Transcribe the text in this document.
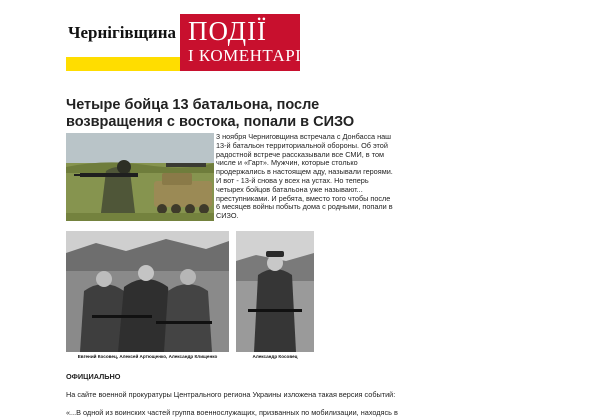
Чернігівщина ПОДІЇ
І КОМЕНТАРІ
Четыре бойца 13 батальона, после возвращения с востока, попали в СИЗО

3 ноября Черниговщина встречала с Донбасса наш 13-й батальон территориальной обороны. Об этой радостной встрече рассказывали все СМИ, в том числе и «Гарт». Мужчин, которые столько продержались в настоящем аду, называли героями. И вот - 13-й снова у всех на устах. Но теперь четырех бойцов батальона уже называют... преступниками. И ребята, вместо того чтобы после 6 месяцев войны побыть дома с родными, попали в СИЗО.

Евгений Косовец, Алексей Артющенко, Александр Клищенко	Александр Косовец

ОФИЦИАЛЬНО

На сайте военной прокуратуры Центрального региона Украины изложена такая версия событий:

«...В одной из воинских частей группа военнослужащих, призванных по мобилизации, находясь в
